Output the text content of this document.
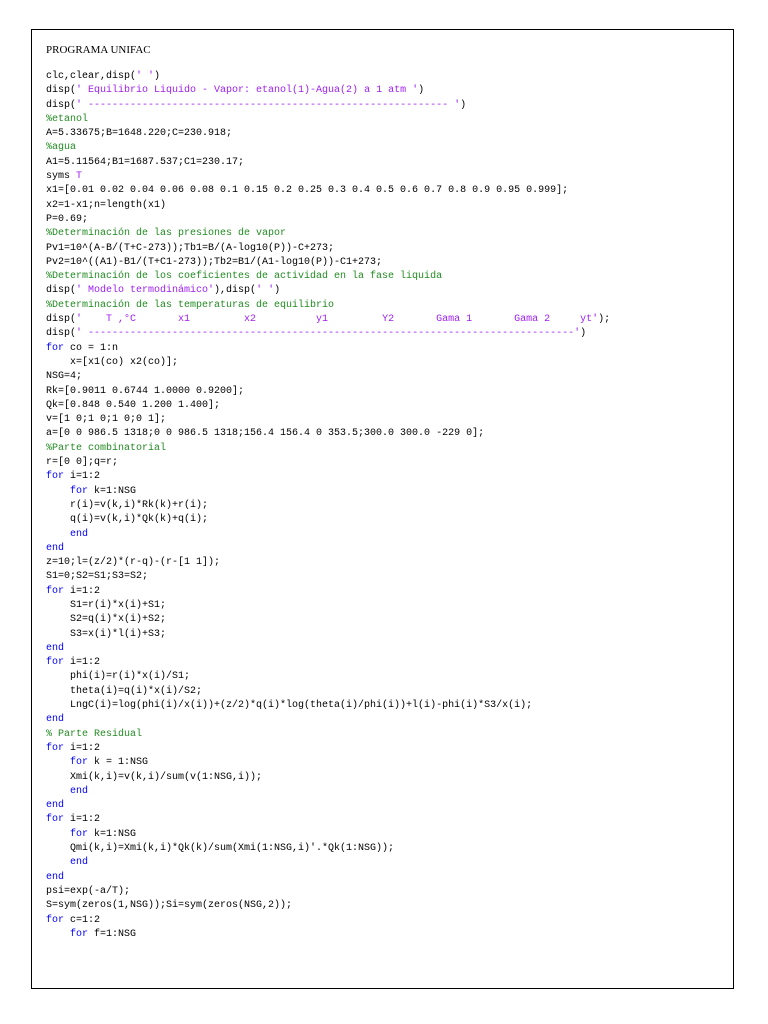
PROGRAMA UNIFAC
clc,clear,disp(' ')
disp(' Equilibrio Liquido - Vapor: etanol(1)-Agua(2) a 1 atm ')
disp(' ------------------------------------------------------------ ')
%etanol
A=5.33675;B=1648.220;C=230.918;
%agua
A1=5.11564;B1=1687.537;C1=230.17;
syms T
x1=[0.01 0.02 0.04 0.06 0.08 0.1 0.15 0.2 0.25 0.3 0.4 0.5 0.6 0.7 0.8 0.9 0.95 0.999];
x2=1-x1;n=length(x1)
P=0.69;
%Determinación de las presiones de vapor
Pv1=10^(A-B/(T+C-273));Tb1=B/(A-log10(P))-C+273;
Pv2=10^((A1)-B1/(T+C1-273));Tb2=B1/(A1-log10(P))-C1+273;
%Determinación de los coeficientes de actividad en la fase liquida
disp(' Modelo termodinámico'),disp(' ')
%Determinación de las temperaturas de equilibrio
disp('    T ,°C       x1         x2          y1         Y2       Gama 1       Gama 2     yt');
disp(' ---------------------------------------------------------------------------------')
for co = 1:n
x=[x1(co) x2(co)];
NSG=4;
Rk=[0.9011 0.6744 1.0000 0.9200];
Qk=[0.848 0.540 1.200 1.400];
v=[1 0;1 0;1 0;0 1];
a=[0 0 986.5 1318;0 0 986.5 1318;156.4 156.4 0 353.5;300.0 300.0 -229 0];
%Parte combinatorial
r=[0 0];q=r;
for i=1:2
for k=1:NSG
r(i)=v(k,i)*Rk(k)+r(i);
q(i)=v(k,i)*Qk(k)+q(i);
end
end
z=10;l=(z/2)*(r-q)-(r-[1 1]);
S1=0;S2=S1;S3=S2;
for i=1:2
S1=r(i)*x(i)+S1;
S2=q(i)*x(i)+S2;
S3=x(i)*l(i)+S3;
end
for i=1:2
phi(i)=r(i)*x(i)/S1;
theta(i)=q(i)*x(i)/S2;
LngC(i)=log(phi(i)/x(i))+(z/2)*q(i)*log(theta(i)/phi(i))+l(i)-phi(i)*S3/x(i);
end
% Parte Residual
for i=1:2
for k = 1:NSG
Xmi(k,i)=v(k,i)/sum(v(1:NSG,i));
end
end
for i=1:2
for k=1:NSG
Qmi(k,i)=Xmi(k,i)*Qk(k)/sum(Xmi(1:NSG,i)'.*Qk(1:NSG));
end
end
psi=exp(-a/T);
S=sym(zeros(1,NSG));Si=sym(zeros(NSG,2));
for c=1:2
for f=1:NSG
